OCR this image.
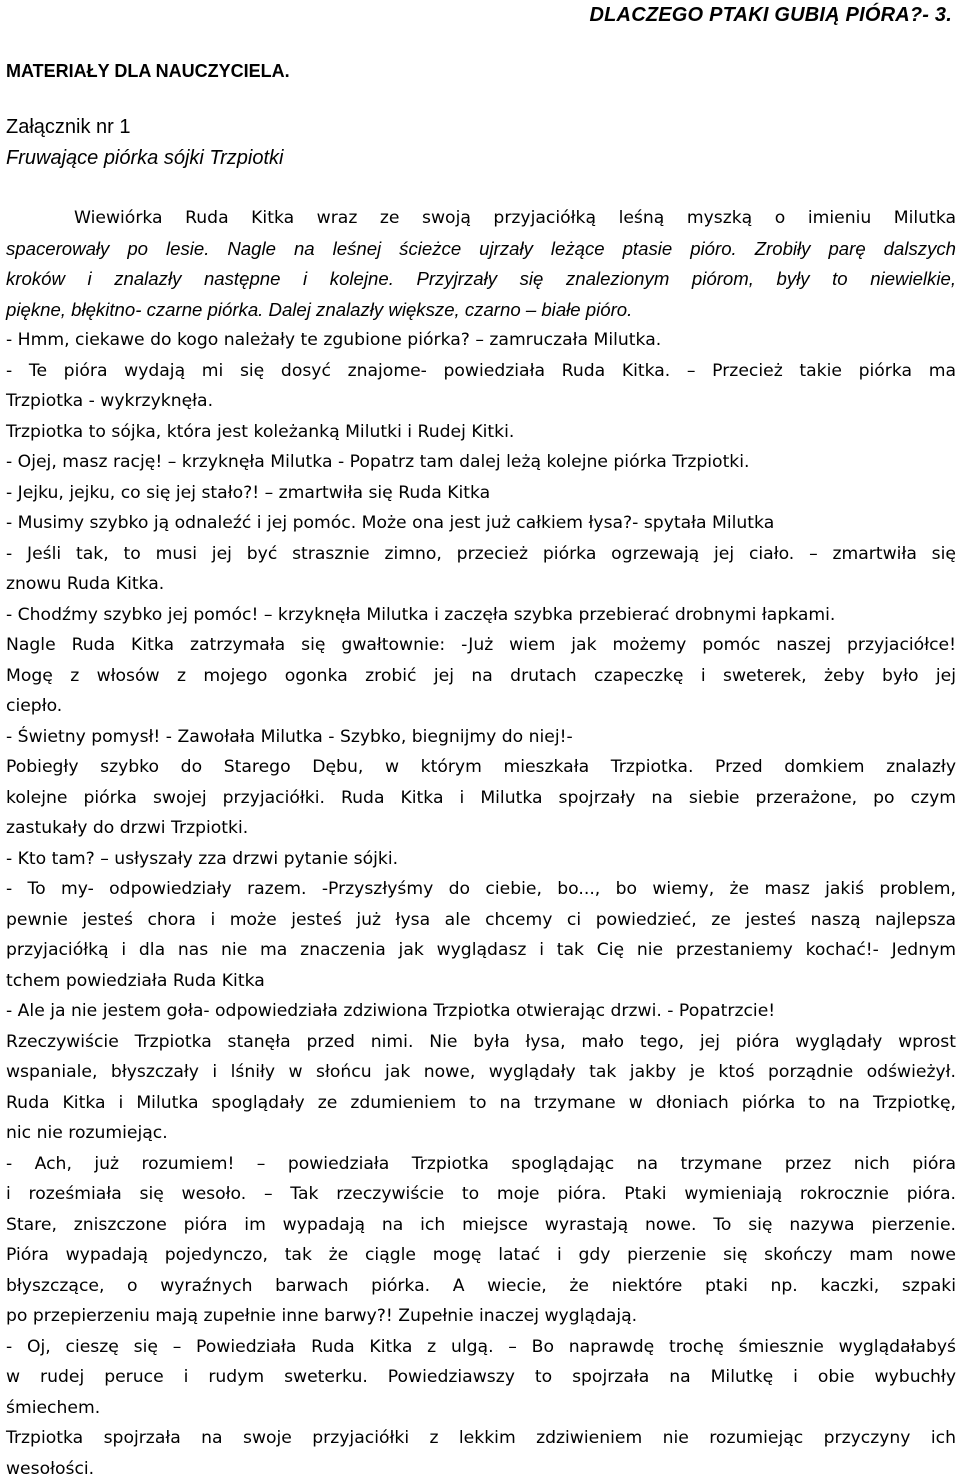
DLACZEGO PTAKI GUBIĄ PIÓRA?- 3.
MATERIAŁY DLA NAUCZYCIELA.
Załącznik nr 1
Fruwające piórka sójki Trzpiotki
Wiewiórka Ruda Kitka wraz ze swoją przyjaciółką leśną myszką o imieniu Milutka
spacerowały po lesie. Nagle na leśnej ścieżce ujrzały leżące ptasie pióro. Zrobiły parę dalszych
kroków i znalazły następne i kolejne. Przyjrzały się znalezionym piórom, były to niewielkie,
piękne, błękitno- czarne piórka. Dalej znalazły większe, czarno – białe pióro.
- Hmm, ciekawe do kogo należały te zgubione piórka? – zamruczała Milutka.
- Te pióra wydają mi się dosyć znajome- powiedziała Ruda Kitka. – Przecież takie piórka ma
Trzpiotka - wykrzyknęła.
Trzpiotka to sójka, która jest koleżanką Milutki i Rudej Kitki.
- Ojej, masz rację! – krzyknęła Milutka - Popatrz tam dalej leżą kolejne piórka Trzpiotki.
- Jejku, jejku, co się jej stało?! – zmartwiła się Ruda Kitka
- Musimy szybko ją odnaleźć i jej pomóc. Może ona jest już całkiem łysa?- spytała Milutka
- Jeśli tak, to musi jej być strasznie zimno, przecież piórka ogrzewają jej ciało. – zmartwiła się
znowu Ruda Kitka.
- Chodźmy szybko jej pomóc! – krzyknęła Milutka i zaczęła szybka przebierać drobnymi łapkami.
Nagle Ruda Kitka zatrzymała się gwałtownie: -Już wiem jak możemy pomóc naszej przyjaciółce!
Mogę z włosów z mojego ogonka zrobić jej na drutach czapeczkę i sweterek, żeby było jej
ciepło.
- Świetny pomysł! - Zawołała Milutka - Szybko, biegnijmy do niej!-
Pobiegły szybko do Starego Dębu, w którym mieszkała Trzpiotka. Przed domkiem znalazły
kolejne piórka swojej przyjaciółki. Ruda Kitka i Milutka spojrzały na siebie przerażone, po czym
zastukały do drzwi Trzpiotki.
- Kto tam? – usłyszały zza drzwi pytanie sójki.
- To my- odpowiedziały razem. -Przyszłyśmy do ciebie, bo..., bo wiemy, że masz jakiś problem,
pewnie jesteś chora i może jesteś już łysa ale chcemy ci powiedzieć, ze jesteś naszą najlepsza
przyjaciółką i dla nas nie ma znaczenia jak wyglądasz i tak Cię nie przestaniemy kochać!- Jednym
tchem powiedziała Ruda Kitka
- Ale ja nie jestem goła- odpowiedziała zdziwiona Trzpiotka otwierając drzwi. - Popatrzcie!
Rzeczywiście Trzpiotka stanęła przed nimi. Nie była łysa, mało tego, jej pióra wyglądały wprost
wspaniale, błyszczały i lśniły w słońcu jak nowe, wyglądały tak jakby je ktoś porządnie odświeżył.
Ruda Kitka i Milutka spoglądały ze zdumieniem to na trzymane w dłoniach piórka to na Trzpiotkę,
nic nie rozumiejąc.
- Ach, już rozumiem! – powiedziała Trzpiotka spoglądając na trzymane przez nich pióra
i roześmiała się wesoło. – Tak rzeczywiście to moje pióra. Ptaki wymieniają rokrocznie pióra.
Stare, zniszczone pióra im wypadają na ich miejsce wyrastają nowe. To się nazywa pierzenie.
Pióra wypadają pojedynczo, tak że ciągle mogę latać i gdy pierzenie się skończy mam nowe
błyszczące, o wyraźnych barwach piórka. A wiecie, że niektóre ptaki np. kaczki, szpaki
po przepierzeniu mają zupełnie inne barwy?! Zupełnie inaczej wyglądają.
- Oj, cieszę się – Powiedziała Ruda Kitka z ulgą. – Bo naprawdę trochę śmiesznie wyglądałabyś
w rudej peruce i rudym sweterku. Powiedziawszy to spojrzała na Milutkę i obie wybuchły
śmiechem.
Trzpiotka spojrzała na swoje przyjaciółki z lekkim zdziwieniem nie rozumiejąc przyczyny ich
wesołości.
